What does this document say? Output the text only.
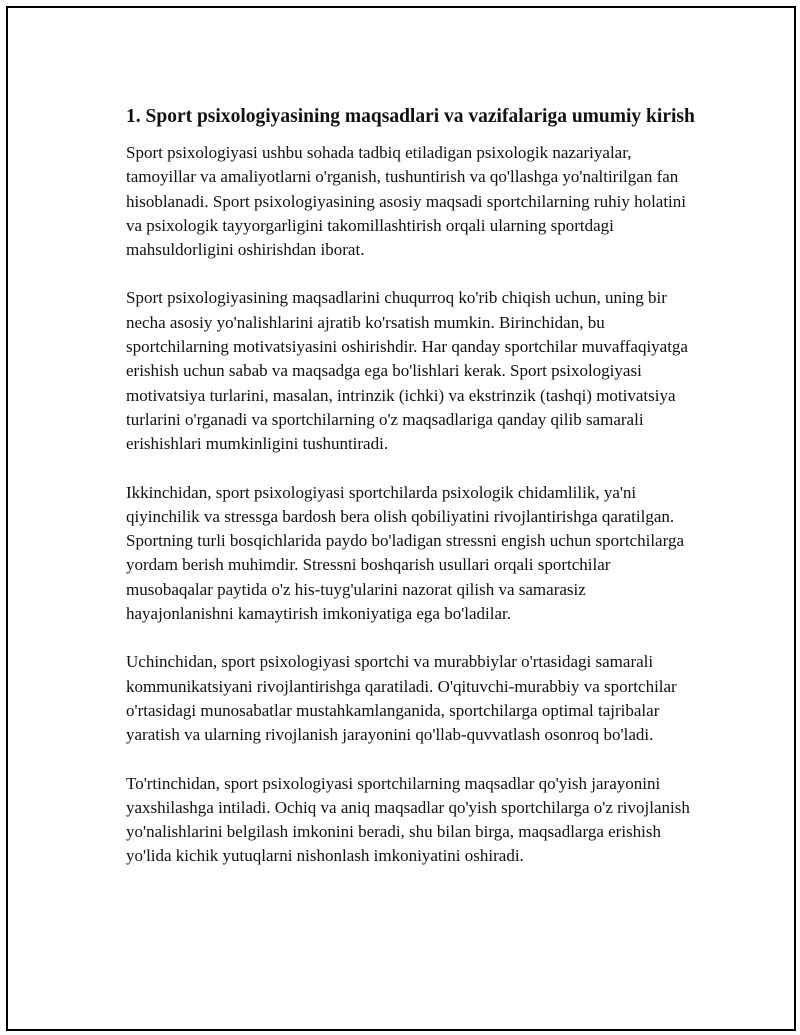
1. Sport psixologiyasining maqsadlari va vazifalariga umumiy kirish

Sport psixologiyasi ushbu sohada tadbiq etiladigan psixologik nazariyalar, tamoyillar va amaliyotlarni o'rganish, tushuntirish va qo'llashga yo'naltirilgan fan hisoblanadi. Sport psixologiyasining asosiy maqsadi sportchilarning ruhiy holatini va psixologik tayyorgarligini takomillashtirish orqali ularning sportdagi mahsuldorligini oshirishdan iborat.

Sport psixologiyasining maqsadlarini chuqurroq ko'rib chiqish uchun, uning bir necha asosiy yo'nalishlarini ajratib ko'rsatish mumkin. Birinchidan, bu sportchilarning motivatsiyasini oshirishdir. Har qanday sportchilar muvaffaqiyatga erishish uchun sabab va maqsadga ega bo'lishlari kerak. Sport psixologiyasi motivatsiya turlarini, masalan, intrinzik (ichki) va ekstrinzik (tashqi) motivatsiya turlarini o'rganadi va sportchilarning o'z maqsadlariga qanday qilib samarali erishishlari mumkinligini tushuntiradi.

Ikkinchidan, sport psixologiyasi sportchilarda psixologik chidamlilik, ya'ni qiyinchilik va stressga bardosh bera olish qobiliyatini rivojlantirishga qaratilgan. Sportning turli bosqichlarida paydo bo'ladigan stressni engish uchun sportchilarga yordam berish muhimdir. Stressni boshqarish usullari orqali sportchilar musobaqalar paytida o'z his-tuyg'ularini nazorat qilish va samarasiz hayajonlanishni kamaytirish imkoniyatiga ega bo'ladilar.

Uchinchidan, sport psixologiyasi sportchi va murabbiylar o'rtasidagi samarali kommunikatsiyani rivojlantirishga qaratiladi. O'qituvchi-murabbiy va sportchilar o'rtasidagi munosabatlar mustahkamlanganida, sportchilarga optimal tajribalar yaratish va ularning rivojlanish jarayonini qo'llab-quvvatlash osonroq bo'ladi.

To'rtinchidan, sport psixologiyasi sportchilarning maqsadlar qo'yish jarayonini yaxshilashga intiladi. Ochiq va aniq maqsadlar qo'yish sportchilarga o'z rivojlanish yo'nalishlarini belgilash imkonini beradi, shu bilan birga, maqsadlarga erishish yo'lida kichik yutuqlarni nishonlash imkoniyatini oshiradi.
